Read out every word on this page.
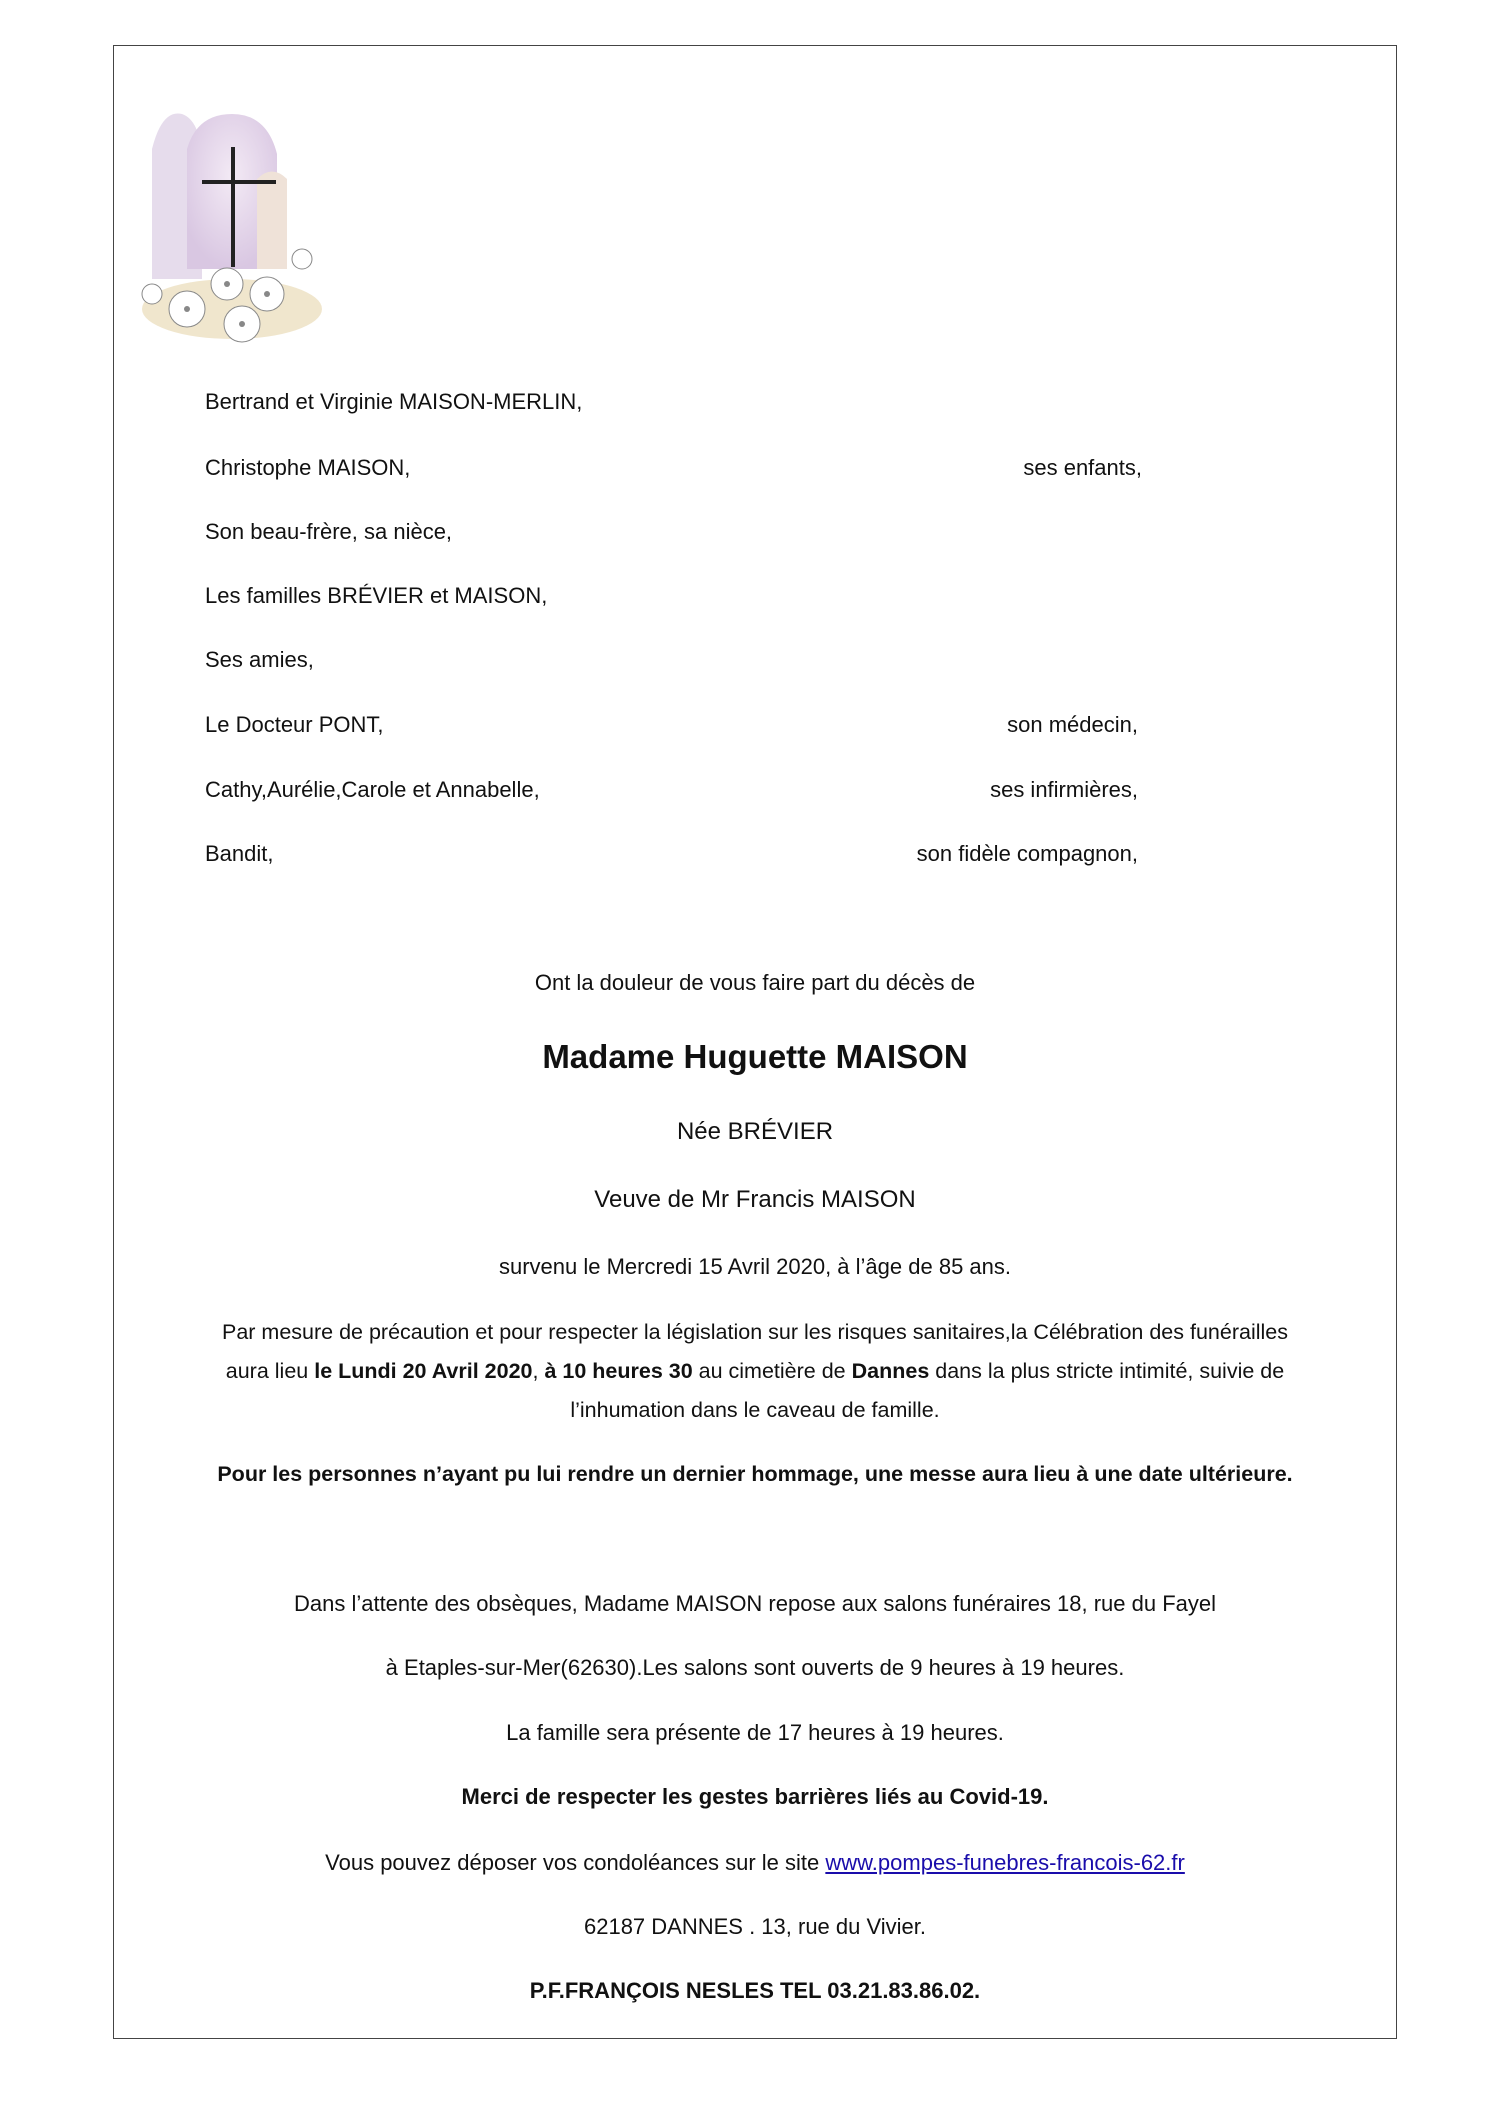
Bertrand et Virginie MAISON-MERLIN,
Christophe MAISON,	ses enfants,
Son beau-frère, sa nièce,
Les familles BRÉVIER et MAISON,
Ses amies,
Le Docteur PONT,	son médecin,
Cathy,Aurélie,Carole et Annabelle,	ses infirmières,
Bandit,	son fidèle compagnon,
Ont la douleur de vous faire part du décès de
Madame Huguette MAISON
Née BRÉVIER
Veuve de Mr Francis MAISON
survenu le Mercredi 15 Avril 2020, à l’âge de 85 ans.
Par mesure de précaution et pour respecter la législation sur les risques sanitaires,la Célébration des funérailles
aura lieu le Lundi 20 Avril 2020, à 10 heures 30 au cimetière de Dannes dans la plus stricte intimité, suivie de
l’inhumation dans le caveau de famille.
Pour les personnes n’ayant pu lui rendre un dernier hommage, une messe aura lieu à une date ultérieure.
Dans l’attente des obsèques, Madame MAISON repose aux salons funéraires 18, rue du Fayel
à Etaples-sur-Mer(62630).Les salons sont ouverts de 9 heures à 19 heures.
La famille sera présente de 17 heures à 19 heures.
Merci de respecter les gestes barrières liés au Covid-19.
Vous pouvez déposer vos condoléances sur le site www.pompes-funebres-francois-62.fr
62187 DANNES . 13, rue du Vivier.
P.F.FRANÇOIS NESLES TEL 03.21.83.86.02.
